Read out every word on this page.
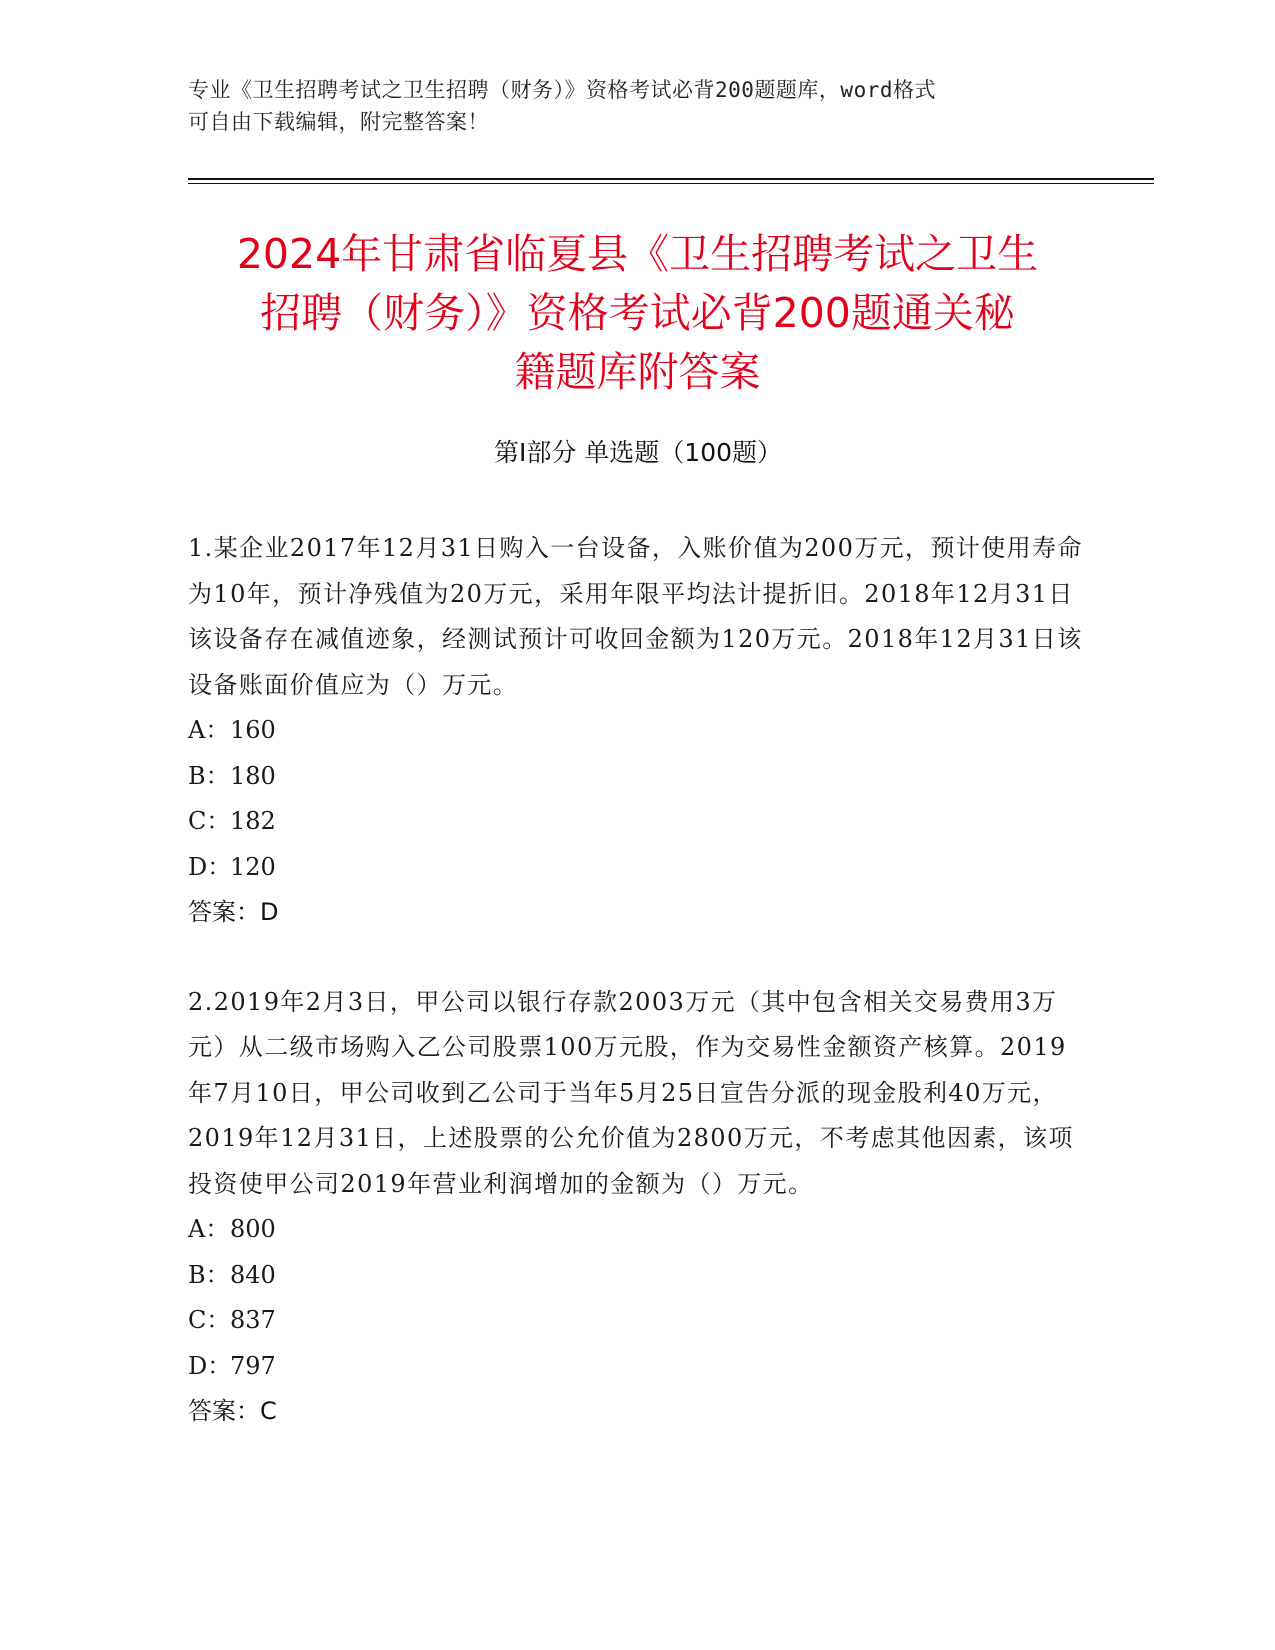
专业《卫生招聘考试之卫生招聘（财务）》资格考试必背200题题库，word格式
可自由下载编辑，附完整答案！
2024年甘肃省临夏县《卫生招聘考试之卫生
招聘（财务）》资格考试必背200题通关秘
籍题库附答案
第Ⅰ部分 单选题（100题）

1.某企业2017年12月31日购入一台设备，入账价值为200万元，预计使用寿命为10年，预计净残值为20万元，采用年限平均法计提折旧。2018年12月31日该设备存在减值迹象，经测试预计可收回金额为120万元。2018年12月31日该设备账面价值应为（）万元。

A：160

B：180

C：182

D：120

答案：D

2.2019年2月3日，甲公司以银行存款2003万元（其中包含相关交易费用3万元）从二级市场购入乙公司股票100万元股，作为交易性金额资产核算。2019年7月10日，甲公司收到乙公司于当年5月25日宣告分派的现金股利40万元，2019年12月31日，上述股票的公允价值为2800万元，不考虑其他因素，该项投资使甲公司2019年营业利润增加的金额为（）万元。

A：800

B：840

C：837

D：797

答案：C
